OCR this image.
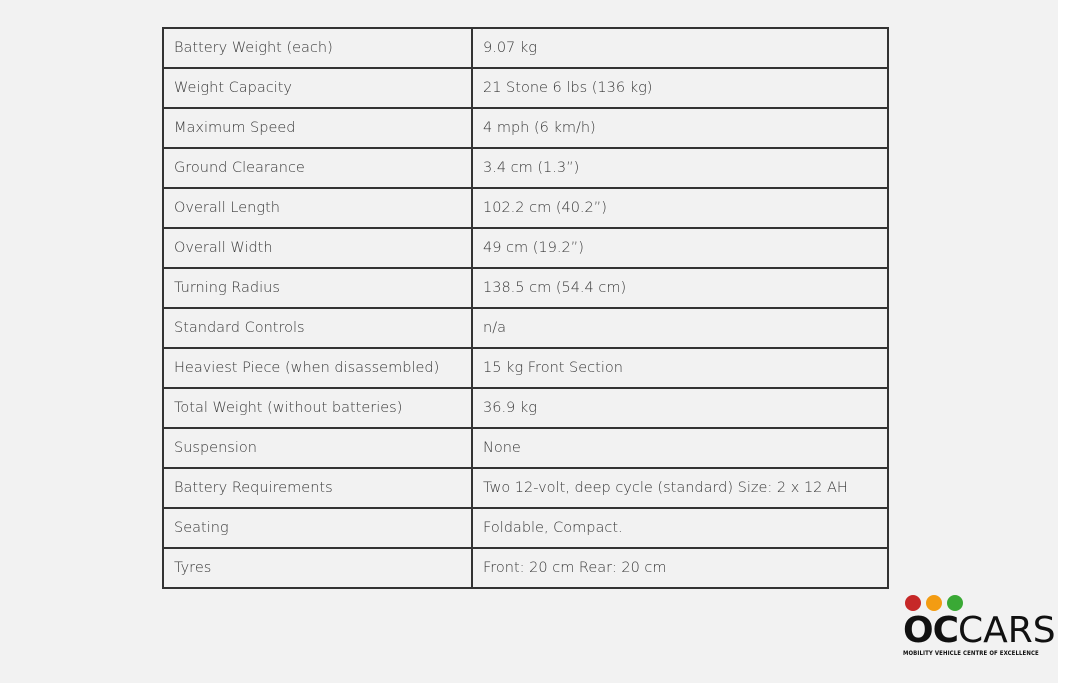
Battery Weight (each)	9.07 kg
Weight Capacity	21 Stone 6 lbs (136 kg)
Maximum Speed	4 mph (6 km/h)
Ground Clearance	3.4 cm (1.3”)
Overall Length	102.2 cm (40.2”)
Overall Width	49 cm (19.2”)
Turning Radius	138.5 cm (54.4 cm)
Standard Controls	n/a
Heaviest Piece (when disassembled)	15 kg Front Section
Total Weight (without batteries)	36.9 kg
Suspension	None
Battery Requirements	Two 12-volt, deep cycle (standard) Size: 2 x 12 AH
Seating	Foldable, Compact.
Tyres	Front: 20 cm Rear: 20 cm
OCCARS
MOBILITY VEHICLE CENTRE OF EXCELLENCE
